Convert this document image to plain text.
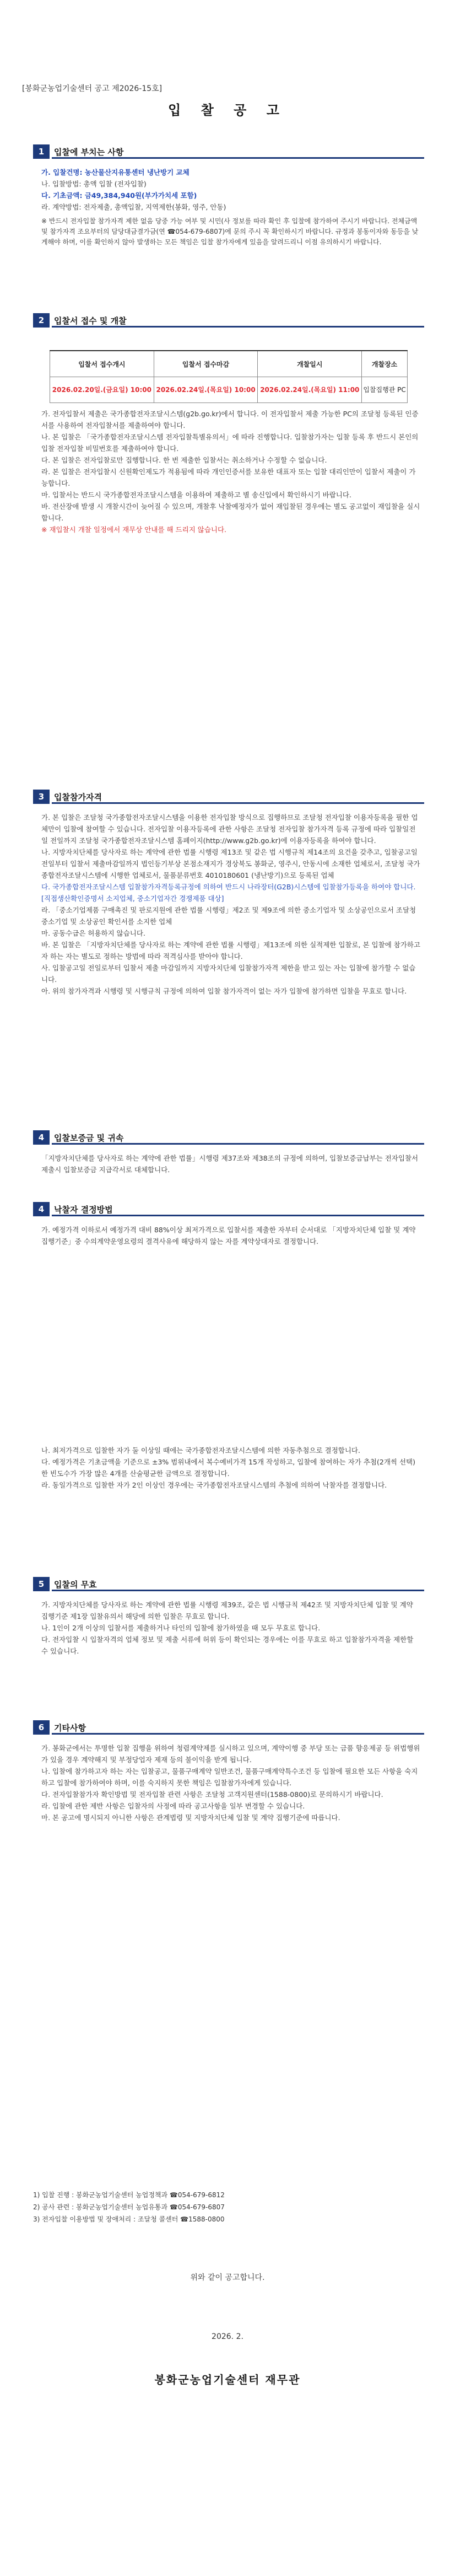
[봉화군농업기술센터 공고 제2026-15호]
입 찰 공 고
1	입찰에 부치는 사항

가. 입찰건명: 농산물산지유통센터 냉난방기 교체

나. 입찰방법: 총액 입찰 (전자입찰)

다. 기초금액: 금49,384,940원(부가가치세 포함)

라. 계약방법: 전자제출, 총액입찰, 지역제한(봉화, 영주, 안동)

※ 반드시 전자입찰 참가자격 제한 없음 당중 가능 여부 및 시민(사 정보를 따라 확인 후 입찰에 참가하여 주시기 바랍니다. 전체금액 및 참가자격 조요부터의 담당대금결가금(연 ☎054-679-6807)에 문의 주시 꼭 확인하시기 바랍니다. 규정과 봉동이자와 동등을 낮게해야 하며, 이를 확인하지 않아 발생하는 모든 책임은 입찰 참가자에게 있음을 알려드리니 이점 유의하시기 바랍니다.

2	입찰서 접수 및 개찰
입찰서 접수개시	입찰서 접수마감	개찰일시	개찰장소
2026.02.20일.(금요일) 10:00	2026.02.24일.(목요일) 10:00	2026.02.24일.(목요일) 11:00	입찰집행관 PC

가. 전자입찰서 제출은 국가종합전자조달시스템(g2b.go.kr)에서 합니다. 이 전자입찰서 제출 가능한 PC의 조달청 등록된 인증서를 사용하여 전자입찰서를 제출하여야 합니다.

나. 본 입찰은 「국가종합전자조달시스템 전자입찰특별유의서」에 따라 진행합니다. 입찰참가자는 입찰 등록 후 반드시 본인의 입찰 전자입찰 비밀번호를 제출하여야 합니다.

다. 본 입찰은 전자입찰로만 집행합니다. 한 번 제출한 입찰서는 취소하거나 수정할 수 없습니다.

라. 본 입찰은 전자입찰시 신원확인제도가 적용됨에 따라 개인인증서를 보유한 대표자 또는 입찰 대리인만이 입찰서 제출이 가능합니다.

마. 입찰서는 반드시 국가종합전자조달시스템을 이용하여 제출하고 별 송신입에서 확인하시기 바랍니다.

바. 전산장애 발생 시 개찰시간이 늦어질 수 있으며, 개찰후 낙찰예정자가 없어 재입찰된 경우에는 별도 공고없이 재입찰을 실시합니다.

※ 재입찰시 개찰 일정에서 재무상 안내를 해 드리지 않습니다.

3	입찰참가자격

가. 본 입찰은 조달청 국가종합전자조달시스템을 이용한 전자입찰 방식으로 집행하므로 조달청 전자입찰 이용자등록을 필한 업체만이 입찰에 참여할 수 있습니다. 전자입찰 이용자등록에 관한 사항은 조달청 전자입찰 참가자격 등록 규정에 따라 입찰일전일 전일까지 조달청 국가종합전자조달시스템 홈페이지(http://www.g2b.go.kr)에 이용자등록을 하여야 합니다.

나. 지방자치단체를 당사자로 하는 계약에 관한 법률 시행령 제13조 및 같은 법 시행규칙 제14조의 요건을 갖추고, 입찰공고일 전일부터 입찰서 제출마감일까지 법인등기부상 본점소재지가 경상북도 봉화군, 영주시, 안동시에 소재한 업체로서, 조달청 국가종합전자조달시스템에 시행한 업체로서, 물품분류번호 4010180601 (냉난방기)으로 등록된 업체

다. 국가종합전자조달시스템 입찰참가자격등록규정에 의하여 반드시 나라장터(G2B)시스템에 입찰참가등록을 하여야 합니다. [직접생산확인증명서 소지업체, 중소기업자간 경쟁제품 대상]

라. 「중소기업제품 구매촉진 및 판로지원에 관한 법률 시행령」제2조 및 제9조에 의한 중소기업자 및 소상공인으로서 조달청 중소기업 및 소상공인 확인서를 소지한 업체

마. 공동수급은 허용하지 않습니다.

바. 본 입찰은 「지방자치단체를 당사자로 하는 계약에 관한 법률 시행령」제13조에 의한 실적제한 입찰로, 본 입찰에 참가하고자 하는 자는 별도로 정하는 방법에 따라 적격심사를 받아야 합니다.

사. 입찰공고일 전일로부터 입찰서 제출 마감일까지 지방자치단체 입찰참가자격 제한을 받고 있는 자는 입찰에 참가할 수 없습니다.

아. 위의 참가자격과 시행령 및 시행규칙 규정에 의하여 입찰 참가자격이 없는 자가 입찰에 참가하면 입찰을 무효로 합니다.

4	입찰보증금 및 귀속

「지방자치단체를 당사자로 하는 계약에 관한 법률」시행령 제37조와 제38조의 규정에 의하여, 입찰보증금납부는 전자입찰서 제출시 입찰보증금 지급각서로 대체합니다.

4	낙찰자 결정방법

가. 예정가격 이하로서 예정가격 대비 88%이상 최저가격으로 입찰서를 제출한 자부터 순서대로 「지방자치단체 입찰 및 계약 집행기준」중 수의계약운영요령의 결격사유에 해당하지 않는 자를 계약상대자로 결정합니다.

나. 최저가격으로 입찰한 자가 둘 이상일 때에는 국가종합전자조달시스템에 의한 자동추첨으로 결정합니다.

다. 예정가격은 기초금액을 기준으로 ±3% 범위내에서 복수예비가격 15개 작성하고, 입찰에 참여하는 자가 추첨(2개씩 선택)한 빈도수가 가장 많은 4개를 산술평균한 금액으로 결정합니다.

라. 동일가격으로 입찰한 자가 2인 이상인 경우에는 국가종합전자조달시스템의 추첨에 의하여 낙찰자를 결정합니다.

5	입찰의 무효

가. 지방자치단체를 당사자로 하는 계약에 관한 법률 시행령 제39조, 같은 법 시행규칙 제42조 및 지방자치단체 입찰 및 계약 집행기준 제1장 입찰유의서 해당에 의한 입찰은 무효로 합니다.

나. 1인이 2개 이상의 입찰서를 제출하거나 타인의 입찰에 참가하였을 때 모두 무효로 합니다.

다. 전자입찰 시 입찰자격의 업체 정보 및 제출 서류에 허위 등이 확인되는 경우에는 이를 무효로 하고 입찰참가자격을 제한할 수 있습니다.

6	기타사항

가. 봉화군에서는 투명한 입찰 집행을 위하여 청렴계약제를 실시하고 있으며, 계약이행 중 부당 또는 금품 향응제공 등 위법행위가 있을 경우 계약해지 및 부정당업자 제재 등의 불이익을 받게 됩니다.

나. 입찰에 참가하고자 하는 자는 입찰공고, 물품구매계약 일반조건, 물품구매계약특수조건 등 입찰에 필요한 모든 사항을 숙지하고 입찰에 참가하여야 하며, 이를 숙지하지 못한 책임은 입찰참가자에게 있습니다.

다. 전자입찰참가자 확인방법 및 전자입찰 관련 사항은 조달청 고객지원센터(1588-0800)로 문의하시기 바랍니다.

라. 입찰에 관한 제반 사항은 입찰자의 사정에 따라 공고사항을 일부 변경할 수 있습니다.

마. 본 공고에 명시되지 아니한 사항은 관계법령 및 지방자치단체 입찰 및 계약 집행기준에 따릅니다.

1) 입찰 진행 : 봉화군농업기술센터 농업정책과 ☎054-679-6812

2) 공사 관련 : 봉화군농업기술센터 농업유통과 ☎054-679-6807

3) 전자입찰 이용방법 및 장애처리 : 조달청 콜센터 ☎1588-0800

위와 같이 공고합니다.
2026. 2.
봉화군농업기술센터 재무관
